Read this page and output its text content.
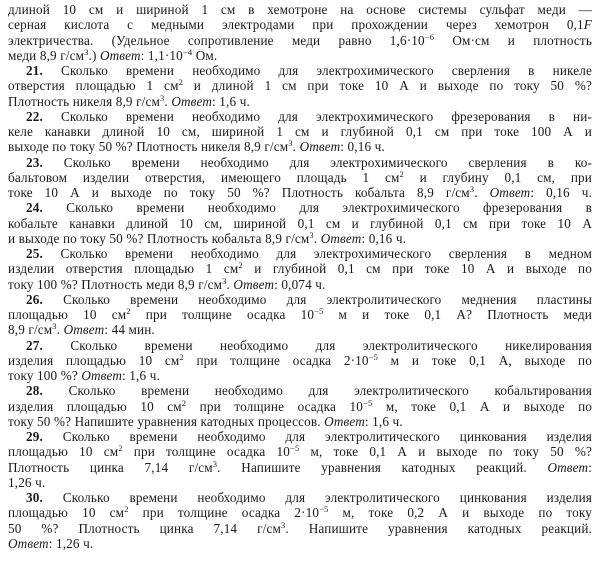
длиной 10 см и шириной 1 см в хемотроне на основе системы сульфат меди —
серная кислота с медными электродами при прохождении через хемотрон 0,1F
электричества. (Удельное сопротивление меди равно $1,6\cdot 10^{-6}$ Ом·см и плотность
меди 8,9 $г/см^3$.) Ответ: $1,1\cdot 10^{-4}$ Ом.
21. Сколько времени необходимо для электрохимического сверления в никеле
отверстия площадью 1 $см^2$ и длиной 1 см при токе 10 А и выходе по току 50 %?
Плотность никеля 8,9 $г/см^3$. Ответ: 1,6 ч.
22. Сколько времени необходимо для электрохимического фрезерования в ни-
келе канавки длиной 10 см, шириной 1 см и глубиной 0,1 см при токе 100 А и
выходе по току 50 %? Плотность никеля 8,9 $г/см^3$. Ответ: 0,16 ч.
23. Сколько времени необходимо для электрохимического сверления в ко-
бальтовом изделии отверстия, имеющего площадь 1 $см^2$ и глубину 0,1 см, при
токе 10 А и выходе по току 50 %? Плотность кобальта 8,9 $г/см^3$. Ответ: 0,16 ч.
24. Сколько времени необходимо для электрохимического фрезерования в
кобальте канавки длиной 10 см, шириной 0,1 см и глубиной 0,1 см при токе 10 А
и выходе по току 50 %? Плотность кобальта 8,9 $г/см^3$. Ответ: 0,16 ч.
25. Сколько времени необходимо для электрохимического сверления в медном
изделии отверстия площадью 1 $см^2$ и глубиной 0,1 см при токе 10 А и выходе по
току 100 %? Плотность меди 8,9 $г/см^3$. Ответ: 0,074 ч.
26. Сколько времени необходимо для электролитического меднения пластины
площадью 10 $см^2$ при толщине осадка $10^{-5}$ м и токе 0,1 А? Плотность меди
8,9 $г/см^3$. Ответ: 44 мин.
27. Сколько времени необходимо для электролитического никелирования
изделия площадью 10 $см^2$ при толщине осадка $2\cdot 10^{-5}$ м и токе 0,1 А, выходе по
току 100 %? Ответ: 1,6 ч.
28. Сколько времени необходимо для электролитического кобальтирования
изделия площадью 10 $см^2$ при толщине осадка $10^{-5}$ м, токе 0,1 А и выходе по
току 50 %? Напишите уравнения катодных процессов. Ответ: 1,6 ч.
29. Сколько времени необходимо для электролитического цинкования изделия
площадью 10 $см^2$ при толщине осадка $10^{-5}$ м, токе 0,1 А и выходе по току 50 %?
Плотность цинка 7,14 $г/см^3$. Напишите уравнения катодных реакций. Ответ:
1,26 ч.
30. Сколько времени необходимо для электролитического цинкования изделия
площадью 10 $см^2$ при толщине осадка $2\cdot 10^{-5}$ м, токе 0,2 А и выходе по току
50 %? Плотность цинка 7,14 $г/см^3$. Напишите уравнения катодных реакций.
Ответ: 1,26 ч.
